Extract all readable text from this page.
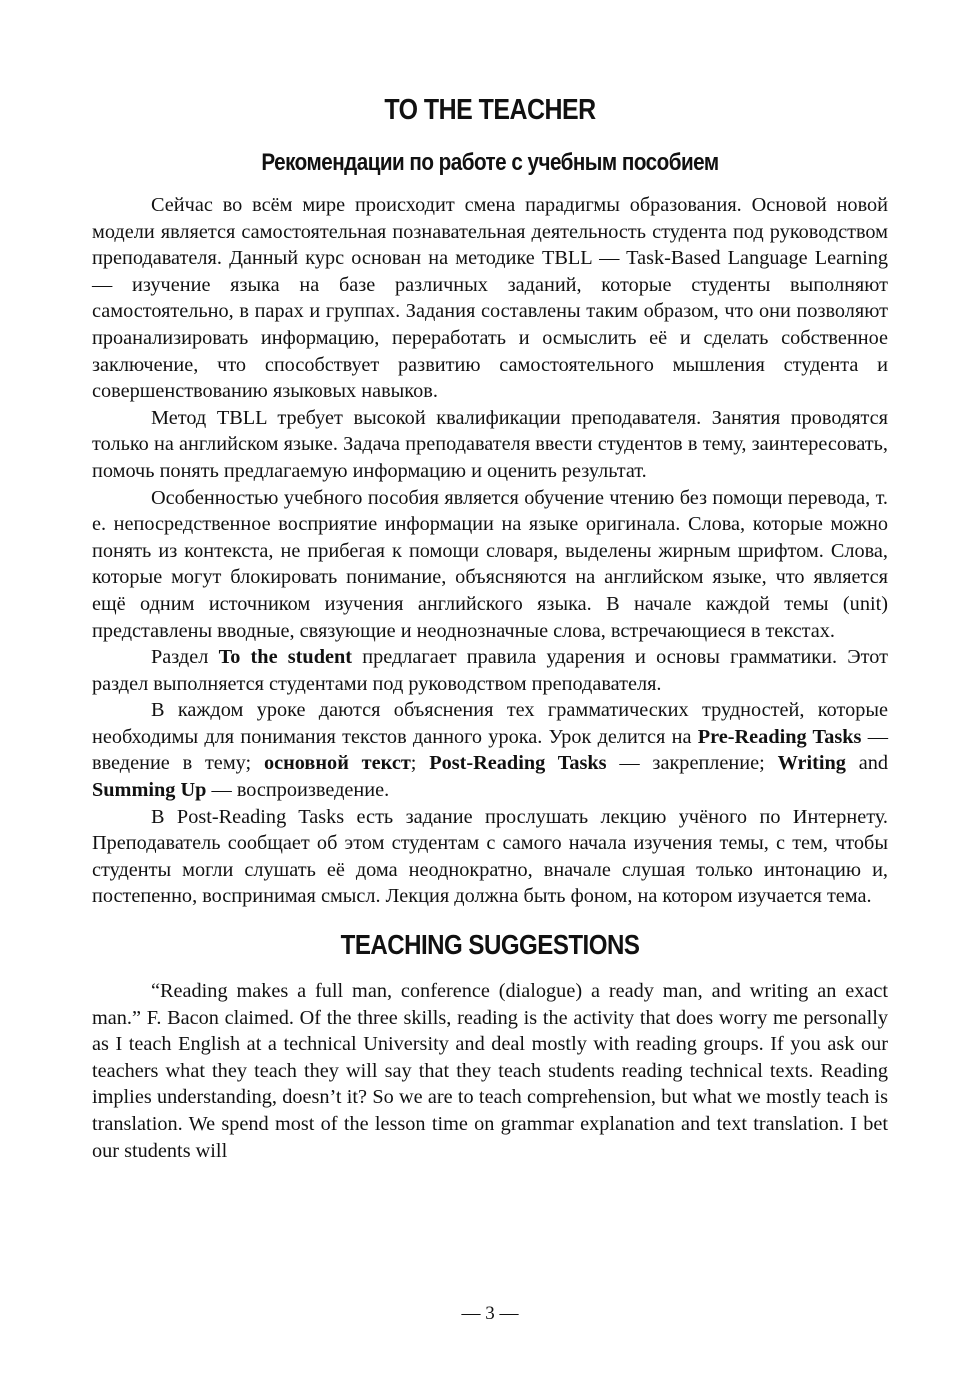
TO THE TEACHER
Рекомендации по работе с учебным пособием

Сейчас во всём мире происходит смена парадигмы образования. Основой новой модели является самостоятельная познавательная деятельность студента под руководством преподавателя. Данный курс основан на методике TBLL — Task-Based Language Learning — изучение языка на базе различных заданий, которые студенты выполняют самостоятельно, в парах и группах. Задания составлены таким образом, что они позволяют проанализировать информацию, переработать и осмыслить её и сделать собственное заключение, что способствует развитию самостоятельного мышления студента и совершенствованию языковых навыков.

Метод TBLL требует высокой квалификации преподавателя. Занятия проводятся только на английском языке. Задача преподавателя ввести студентов в тему, заинтересовать, помочь понять предлагаемую информацию и оценить результат.

Особенностью учебного пособия является обучение чтению без помощи перевода, т. е. непосредственное восприятие информации на языке оригинала. Слова, которые можно понять из контекста, не прибегая к помощи словаря, выделены жирным шрифтом. Слова, которые могут блокировать понимание, объясняются на английском языке, что является ещё одним источником изучения английского языка. В начале каждой темы (unit) представлены вводные, связующие и неоднозначные слова, встречающиеся в текстах.

Раздел To the student предлагает правила ударения и основы грамматики. Этот раздел выполняется студентами под руководством преподавателя.

В каждом уроке даются объяснения тех грамматических трудностей, которые необходимы для понимания текстов данного урока. Урок делится на Pre-Reading Tasks — введение в тему; основной текст; Post-Reading Tasks — закрепление; Writing and Summing Up — воспроизведение.

В Post-Reading Tasks есть задание прослушать лекцию учёного по Интернету. Преподаватель сообщает об этом студентам с самого начала изучения темы, с тем, чтобы студенты могли слушать её дома неоднократно, вначале слушая только интонацию и, постепенно, воспринимая смысл. Лекция должна быть фоном, на котором изучается тема.

TEACHING SUGGESTIONS

“Reading makes a full man, conference (dialogue) a ready man, and writing an exact man.” F. Bacon claimed. Of the three skills, reading is the activity that does worry me personally as I teach English at a technical University and deal mostly with reading groups. If you ask our teachers what they teach they will say that they teach students reading technical texts. Reading implies understanding, doesn’t it? So we are to teach comprehension, but what we mostly teach is translation. We spend most of the lesson time on grammar explanation and text translation. I bet our students will

— 3 —
